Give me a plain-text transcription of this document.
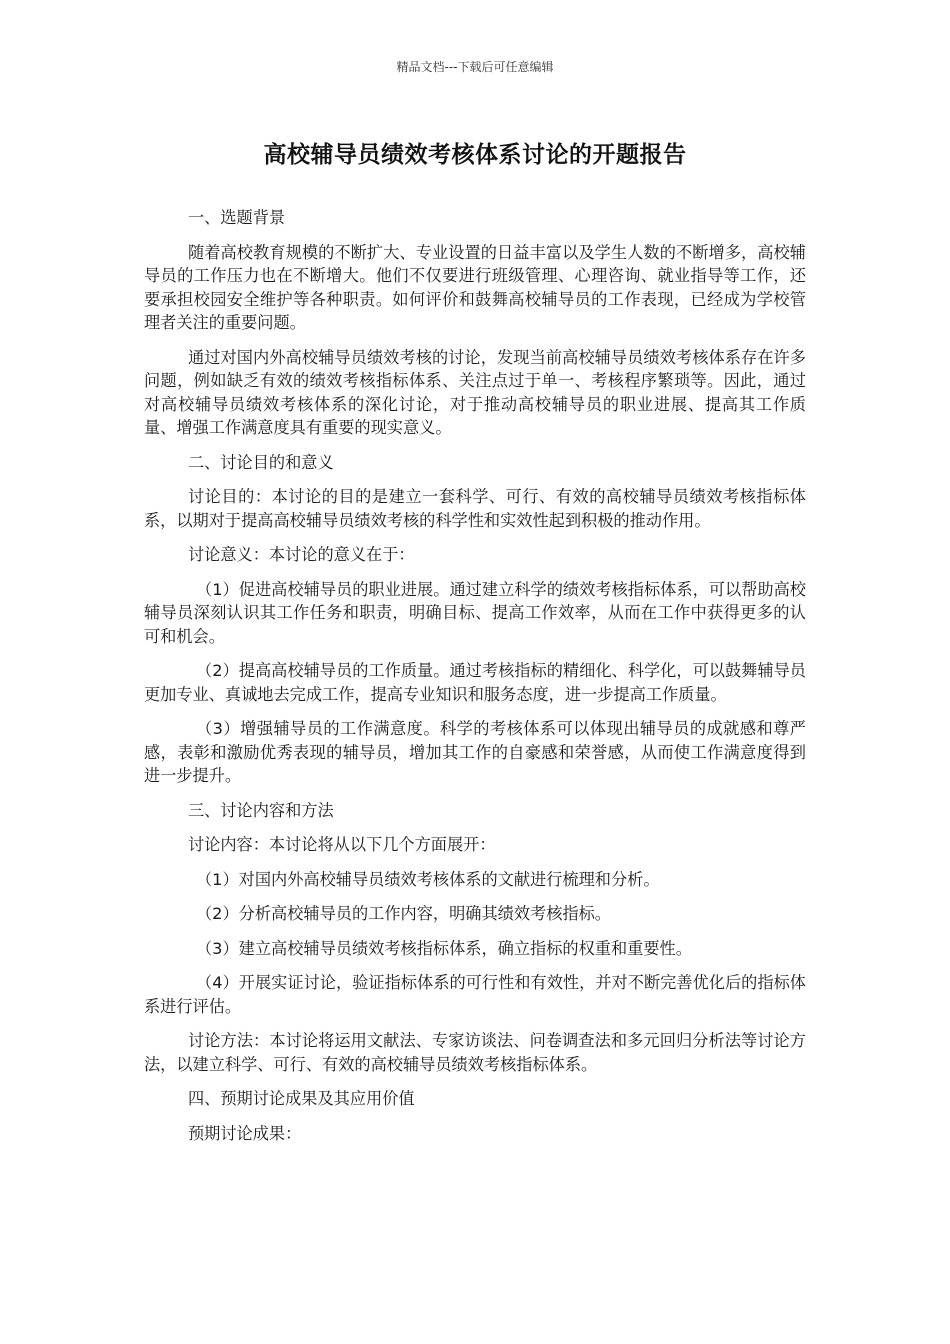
精品文档---下载后可任意编辑
高校辅导员绩效考核体系讨论的开题报告

一、选题背景

随着高校教育规模的不断扩大、专业设置的日益丰富以及学生人数的不断增多，高校辅导员的工作压力也在不断增大。他们不仅要进行班级管理、心理咨询、就业指导等工作，还要承担校园安全维护等各种职责。如何评价和鼓舞高校辅导员的工作表现，已经成为学校管理者关注的重要问题。

通过对国内外高校辅导员绩效考核的讨论，发现当前高校辅导员绩效考核体系存在许多问题，例如缺乏有效的绩效考核指标体系、关注点过于单一、考核程序繁琐等。因此，通过对高校辅导员绩效考核体系的深化讨论，对于推动高校辅导员的职业进展、提高其工作质量、增强工作满意度具有重要的现实意义。

二、讨论目的和意义

讨论目的：本讨论的目的是建立一套科学、可行、有效的高校辅导员绩效考核指标体系，以期对于提高高校辅导员绩效考核的科学性和实效性起到积极的推动作用。

讨论意义：本讨论的意义在于：

（1）促进高校辅导员的职业进展。通过建立科学的绩效考核指标体系，可以帮助高校辅导员深刻认识其工作任务和职责，明确目标、提高工作效率，从而在工作中获得更多的认可和机会。

（2）提高高校辅导员的工作质量。通过考核指标的精细化、科学化，可以鼓舞辅导员更加专业、真诚地去完成工作，提高专业知识和服务态度，进一步提高工作质量。

（3）增强辅导员的工作满意度。科学的考核体系可以体现出辅导员的成就感和尊严感，表彰和激励优秀表现的辅导员，增加其工作的自豪感和荣誉感，从而使工作满意度得到进一步提升。

三、讨论内容和方法

讨论内容：本讨论将从以下几个方面展开：

（1）对国内外高校辅导员绩效考核体系的文献进行梳理和分析。

（2）分析高校辅导员的工作内容，明确其绩效考核指标。

（3）建立高校辅导员绩效考核指标体系，确立指标的权重和重要性。

（4）开展实证讨论，验证指标体系的可行性和有效性，并对不断完善优化后的指标体系进行评估。

讨论方法：本讨论将运用文献法、专家访谈法、问卷调查法和多元回归分析法等讨论方法，以建立科学、可行、有效的高校辅导员绩效考核指标体系。

四、预期讨论成果及其应用价值

预期讨论成果：
